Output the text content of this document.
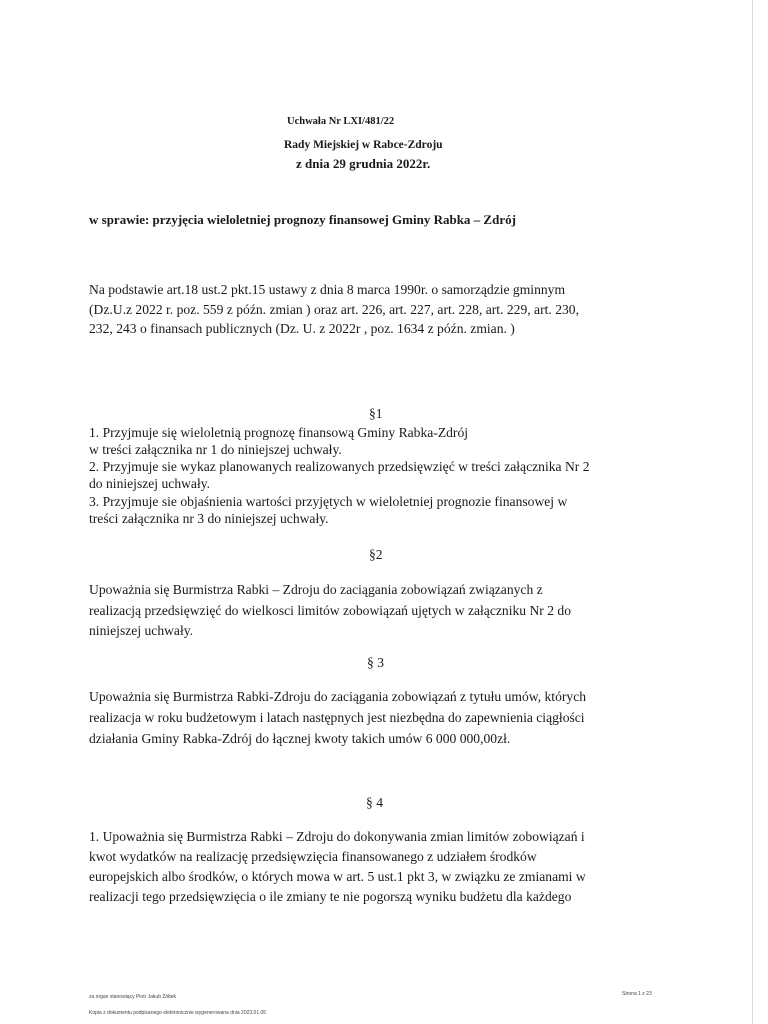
Uchwała Nr LXI/481/22

Rady Miejskiej w Rabce-Zdroju

z dnia 29 grudnia 2022r.

w sprawie: przyjęcia wieloletniej prognozy finansowej Gminy Rabka – Zdrój

Na podstawie art.18 ust.2 pkt.15 ustawy z dnia 8 marca 1990r. o samorządzie gminnym

(Dz.U.z 2022 r. poz. 559 z późn. zmian ) oraz art. 226, art. 227, art. 228, art. 229, art. 230,

232, 243 o finansach publicznych (Dz. U. z 2022r , poz. 1634 z późn. zmian. )

§1

1. Przyjmuje się wieloletnią prognozę finansową Gminy Rabka-Zdrój

w treści załącznika nr 1 do niniejszej uchwały.

2. Przyjmuje sie wykaz planowanych realizowanych przedsięwzięć w treści załącznika Nr 2

do niniejszej uchwały.

3. Przyjmuje sie objaśnienia wartości przyjętych w wieloletniej prognozie finansowej w

treści załącznika nr 3 do niniejszej uchwały.

§2

Upoważnia się Burmistrza Rabki – Zdroju do zaciągania zobowiązań związanych z

realizacją przedsięwzięć do wielkosci limitów zobowiązań ujętych w załączniku Nr 2 do

niniejszej uchwały.

§ 3

Upoważnia się Burmistrza Rabki-Zdroju do zaciągania zobowiązań z tytułu umów, których

realizacja w roku budżetowym i latach następnych jest niezbędna do zapewnienia ciągłości

działania Gminy Rabka-Zdrój do łącznej kwoty takich umów 6 000 000,00zł.

§ 4

1. Upoważnia się Burmistrza Rabki – Zdroju do dokonywania zmian limitów zobowiązań i

kwot wydatków na realizację przedsięwzięcia finansowanego z udziałem środków

europejskich albo środków, o których mowa w art. 5 ust.1 pkt 3, w związku ze zmianami w

realizacji tego przedsięwzięcia o ile zmiany te nie pogorszą wyniku budżetu dla każdego

za organ stanowiący Piotr Jakub Żółtek	Strona 1 z 23

Kopia z dokumentu podpisanego elektronicznie wygenerowana dnia 2023.01.05
